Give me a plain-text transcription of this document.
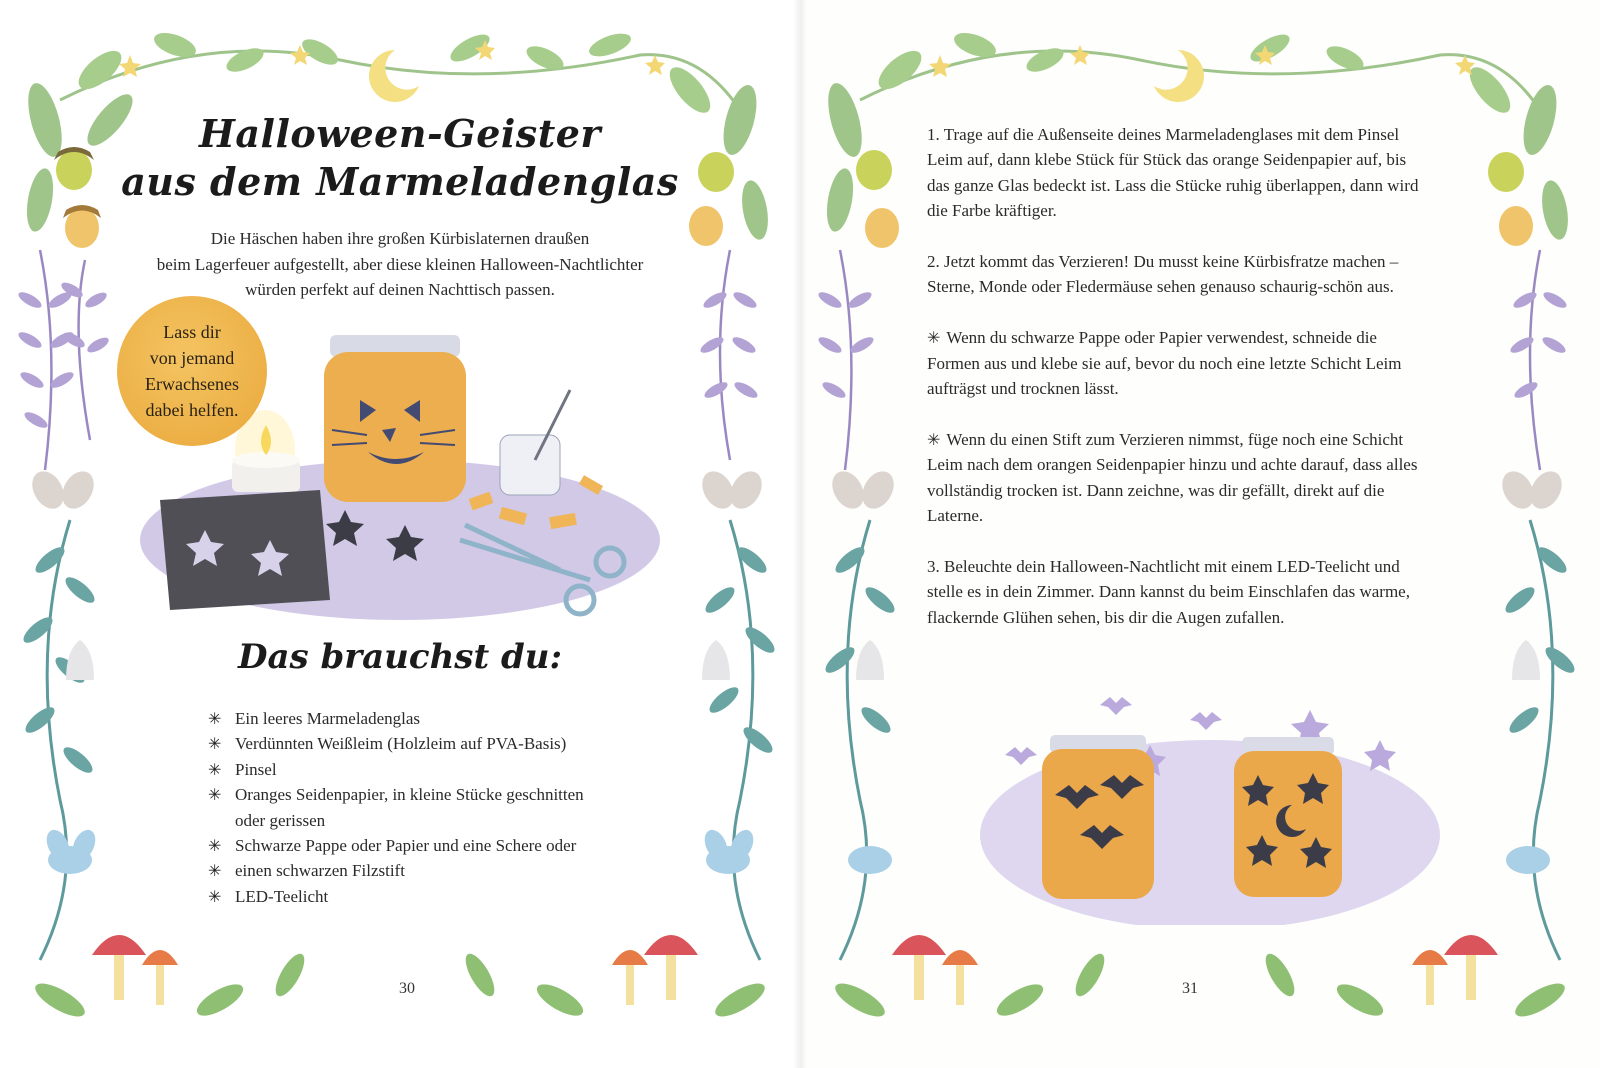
Halloween-Geister
aus dem Marmeladenglas
Die Häschen haben ihre großen Kürbislaternen draußen
beim Lagerfeuer aufgestellt, aber diese kleinen Halloween-Nachtlichter
würden perfekt auf deinen Nachttisch passen.
Lass dir
von jemand
Erwachsenes
dabei helfen.
Das brauchst du:
✳ Ein leeres Marmeladenglas
✳ Verdünnten Weißleim (Holzleim auf PVA-Basis)
✳ Pinsel
✳ Oranges Seidenpapier, in kleine Stücke geschnitten
oder gerissen
✳ Schwarze Pappe oder Papier und eine Schere oder
✳ einen schwarzen Filzstift
✳ LED-Teelicht
30

1. Trage auf die Außenseite deines Marmeladenglases mit dem Pinsel
Leim auf, dann klebe Stück für Stück das orange Seidenpapier auf, bis
das ganze Glas bedeckt ist. Lass die Stücke ruhig überlappen, dann wird
die Farbe kräftiger.

2. Jetzt kommt das Verzieren! Du musst keine Kürbisfratze machen –
Sterne, Monde oder Fledermäuse sehen genauso schaurig-schön aus.

✳ Wenn du schwarze Pappe oder Papier verwendest, schneide die
Formen aus und klebe sie auf, bevor du noch eine letzte Schicht Leim
aufträgst und trocknen lässt.

✳ Wenn du einen Stift zum Verzieren nimmst, füge noch eine Schicht
Leim nach dem orangen Seidenpapier hinzu und achte darauf, dass alles
vollständig trocken ist. Dann zeichne, was dir gefällt, direkt auf die
Laterne.

3. Beleuchte dein Halloween-Nachtlicht mit einem LED-Teelicht und
stelle es in dein Zimmer. Dann kannst du beim Einschlafen das warme,
flackernde Glühen sehen, bis dir die Augen zufallen.

31
